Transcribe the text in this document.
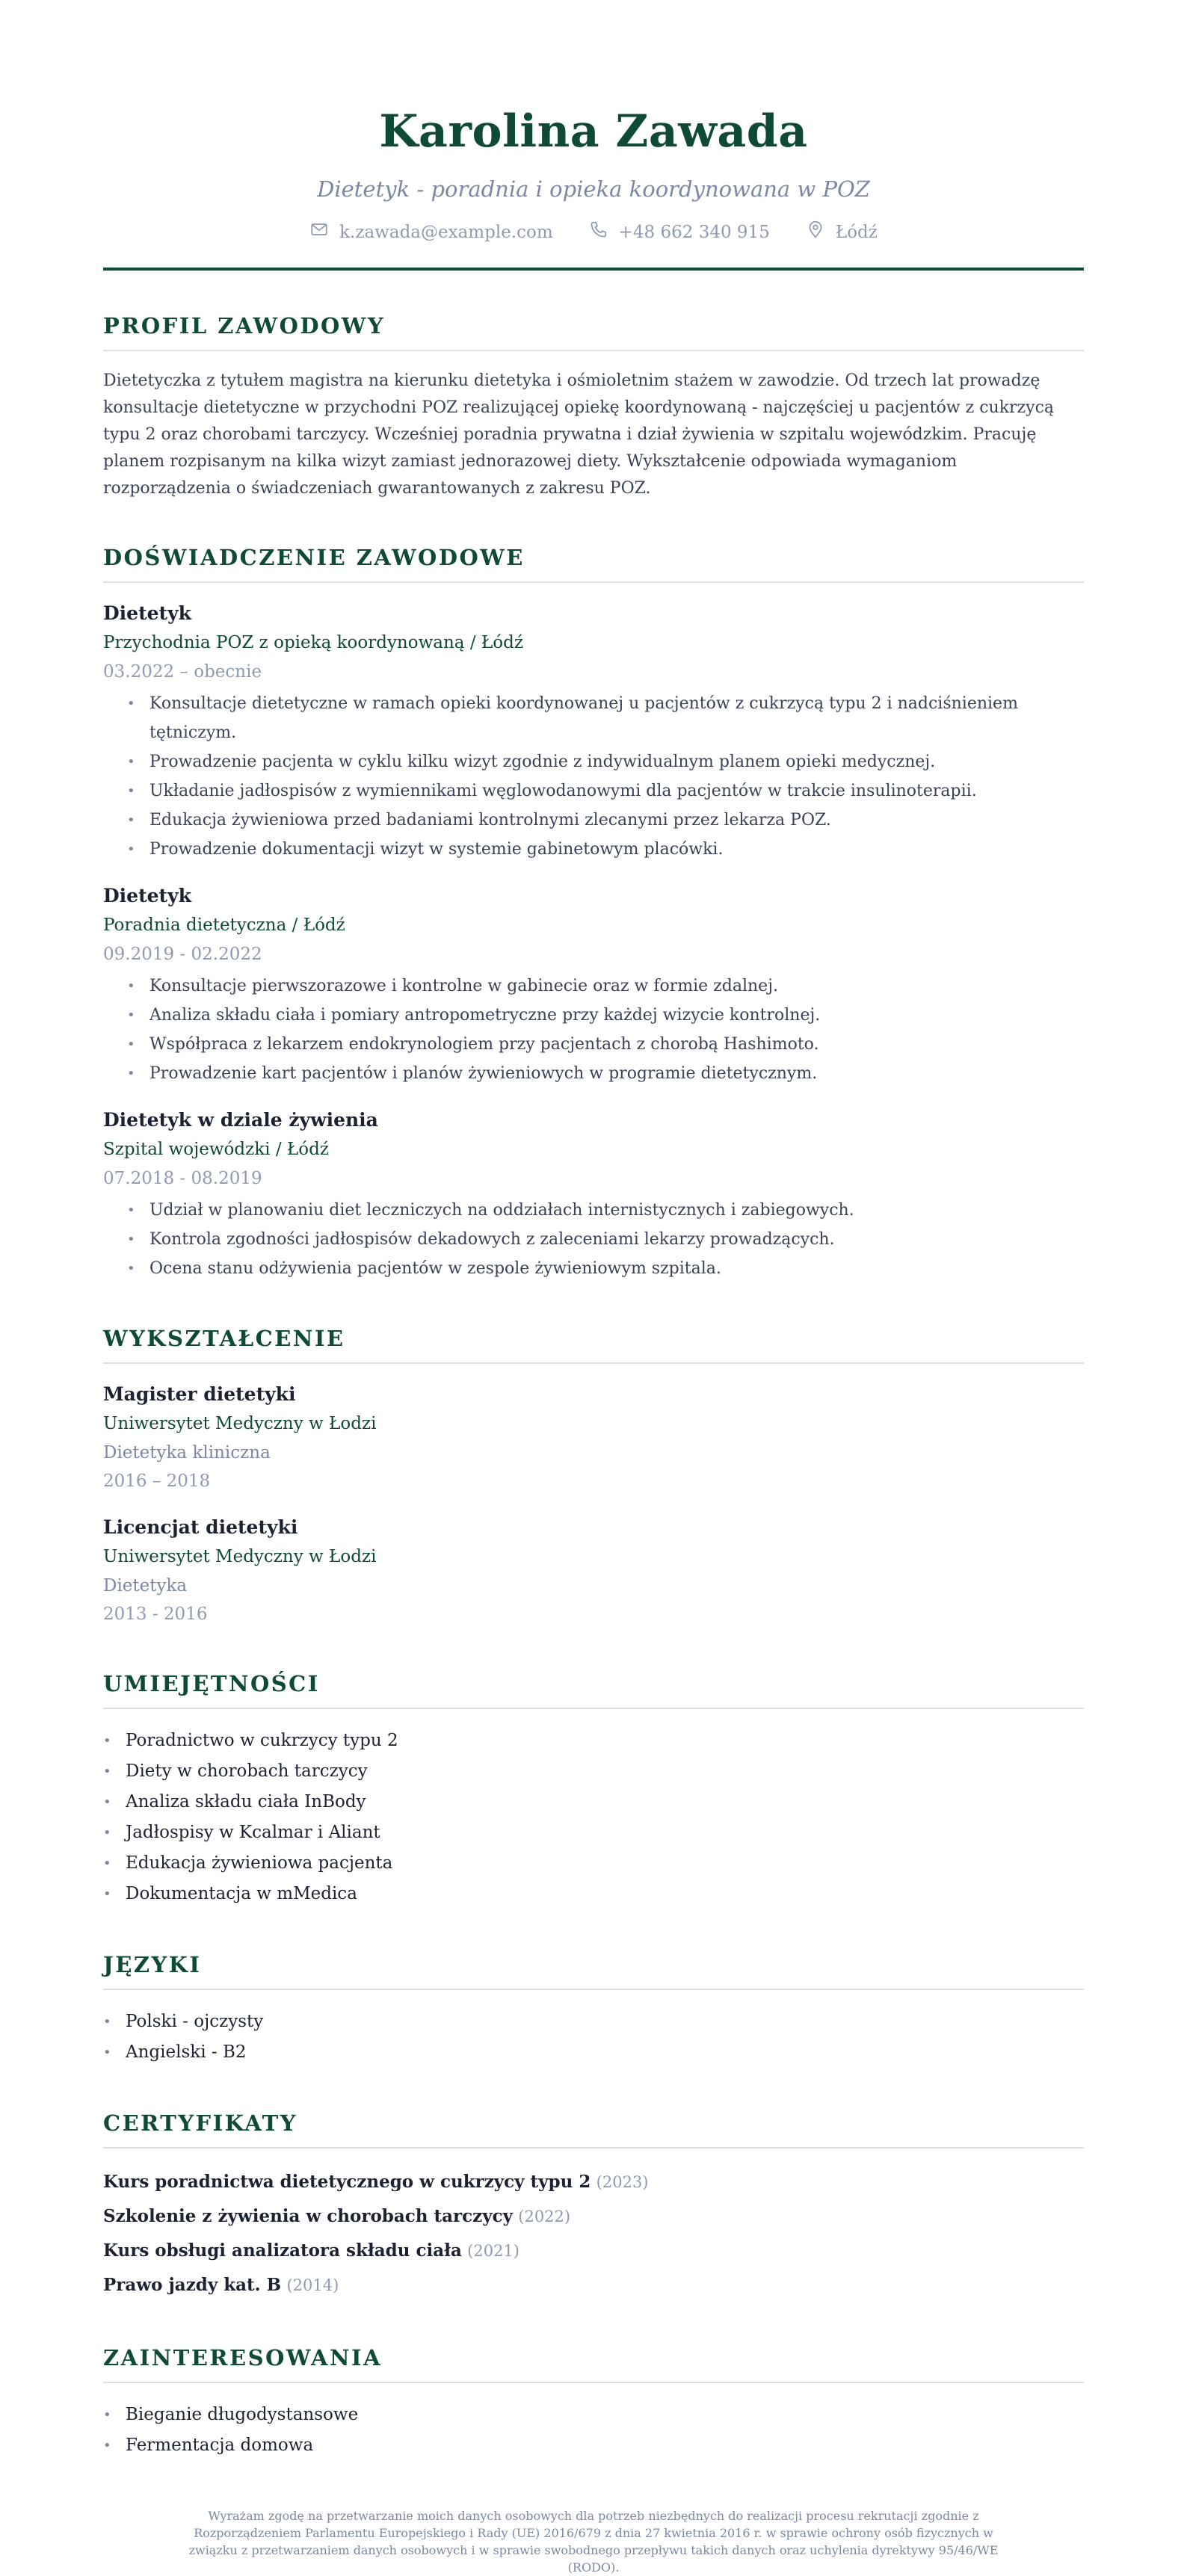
Karolina Zawada
Dietetyk - poradnia i opieka koordynowana w POZ
k.zawada@example.com	+48 662 340 915	Łódź
PROFIL ZAWODOWY
Dietetyczka z tytułem magistra na kierunku dietetyka i ośmioletnim stażem w zawodzie. Od trzech lat prowadzę konsultacje dietetyczne w przychodni POZ realizującej opiekę koordynowaną - najczęściej u pacjentów z cukrzycą typu 2 oraz chorobami tarczycy. Wcześniej poradnia prywatna i dział żywienia w szpitalu wojewódzkim. Pracuję planem rozpisanym na kilka wizyt zamiast jednorazowej diety. Wykształcenie odpowiada wymaganiom rozporządzenia o świadczeniach gwarantowanych z zakresu POZ.
DOŚWIADCZENIE ZAWODOWE
Dietetyk
Przychodnia POZ z opieką koordynowaną / Łódź
03.2022 – obecnie
• Konsultacje dietetyczne w ramach opieki koordynowanej u pacjentów z cukrzycą typu 2 i nadciśnieniem tętniczym.
• Prowadzenie pacjenta w cyklu kilku wizyt zgodnie z indywidualnym planem opieki medycznej.
• Układanie jadłospisów z wymiennikami węglowodanowymi dla pacjentów w trakcie insulinoterapii.
• Edukacja żywieniowa przed badaniami kontrolnymi zlecanymi przez lekarza POZ.
• Prowadzenie dokumentacji wizyt w systemie gabinetowym placówki.
Dietetyk
Poradnia dietetyczna / Łódź
09.2019 - 02.2022
• Konsultacje pierwszorazowe i kontrolne w gabinecie oraz w formie zdalnej.
• Analiza składu ciała i pomiary antropometryczne przy każdej wizycie kontrolnej.
• Współpraca z lekarzem endokrynologiem przy pacjentach z chorobą Hashimoto.
• Prowadzenie kart pacjentów i planów żywieniowych w programie dietetycznym.
Dietetyk w dziale żywienia
Szpital wojewódzki / Łódź
07.2018 - 08.2019
• Udział w planowaniu diet leczniczych na oddziałach internistycznych i zabiegowych.
• Kontrola zgodności jadłospisów dekadowych z zaleceniami lekarzy prowadzących.
• Ocena stanu odżywienia pacjentów w zespole żywieniowym szpitala.
WYKSZTAŁCENIE
Magister dietetyki
Uniwersytet Medyczny w Łodzi
Dietetyka kliniczna
2016 – 2018
Licencjat dietetyki
Uniwersytet Medyczny w Łodzi
Dietetyka
2013 - 2016
UMIEJĘTNOŚCI
• Poradnictwo w cukrzycy typu 2
• Diety w chorobach tarczycy
• Analiza składu ciała InBody
• Jadłospisy w Kcalmar i Aliant
• Edukacja żywieniowa pacjenta
• Dokumentacja w mMedica
JĘZYKI
• Polski - ojczysty
• Angielski - B2
CERTYFIKATY
Kurs poradnictwa dietetycznego w cukrzycy typu 2 (2023)
Szkolenie z żywienia w chorobach tarczycy (2022)
Kurs obsługi analizatora składu ciała (2021)
Prawo jazdy kat. B (2014)
ZAINTERESOWANIA
• Bieganie długodystansowe
• Fermentacja domowa
Wyrażam zgodę na przetwarzanie moich danych osobowych dla potrzeb niezbędnych do realizacji procesu rekrutacji zgodnie z Rozporządzeniem Parlamentu Europejskiego i Rady (UE) 2016/679 z dnia 27 kwietnia 2016 r. w sprawie ochrony osób fizycznych w związku z przetwarzaniem danych osobowych i w sprawie swobodnego przepływu takich danych oraz uchylenia dyrektywy 95/46/WE (RODO).
